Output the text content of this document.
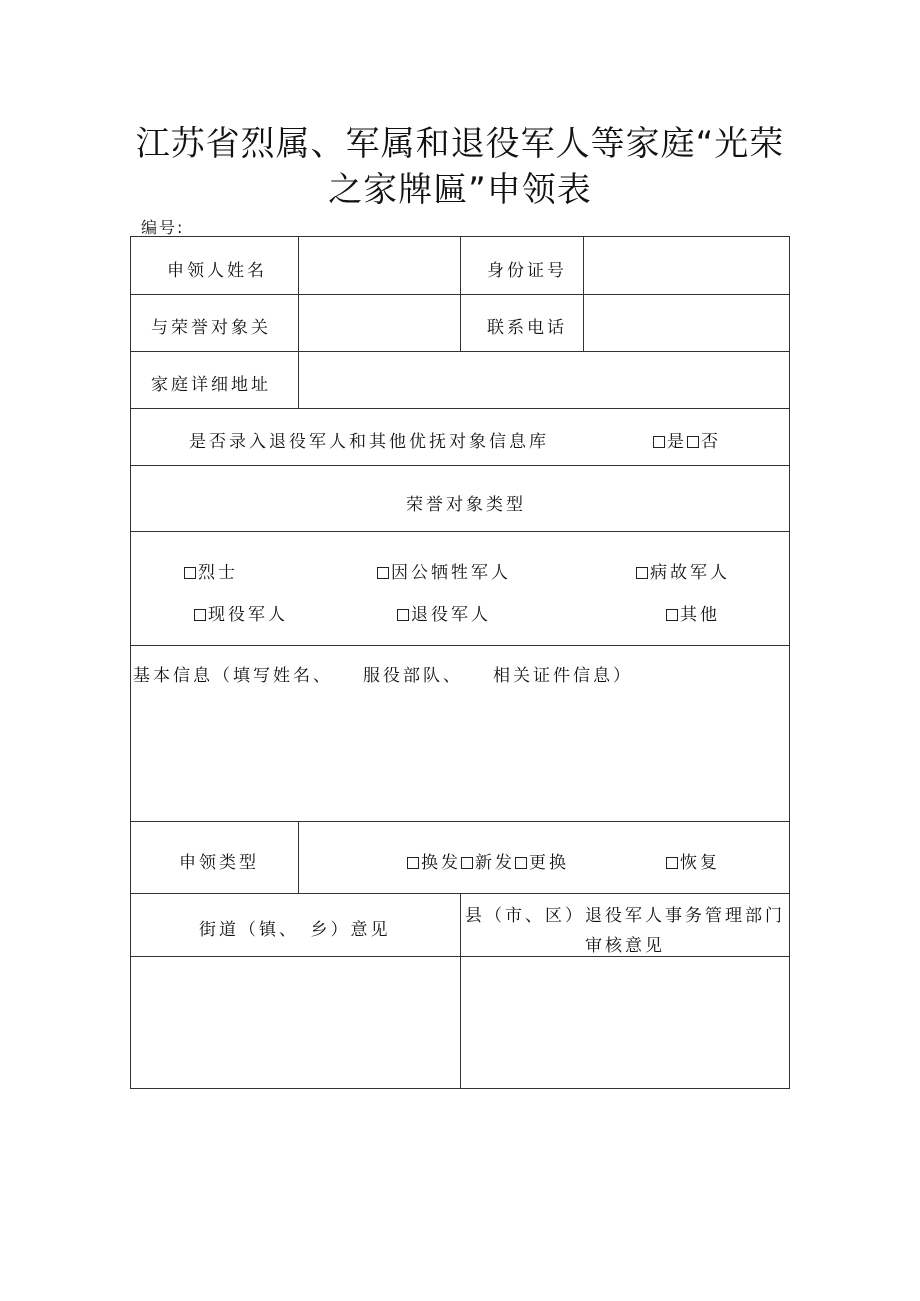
江苏省烈属、军属和退役军人等家庭“光荣
之家牌匾”申领表
编号:
申领人姓名	身份证号
与荣誉对象关	联系电话
家庭详细地址
是否录入退役军人和其他优抚对象信息库	是 否
荣誉对象类型
烈士	因公牺牲军人	病故军人
现役军人	退役军人	其他
基本信息（填写姓名、 服役部队、 相关证件信息）
申领类型	换发 新发 更换	恢复
街道（镇、　乡）意见
县（市、区）退役军人事务管理部门审核意见
